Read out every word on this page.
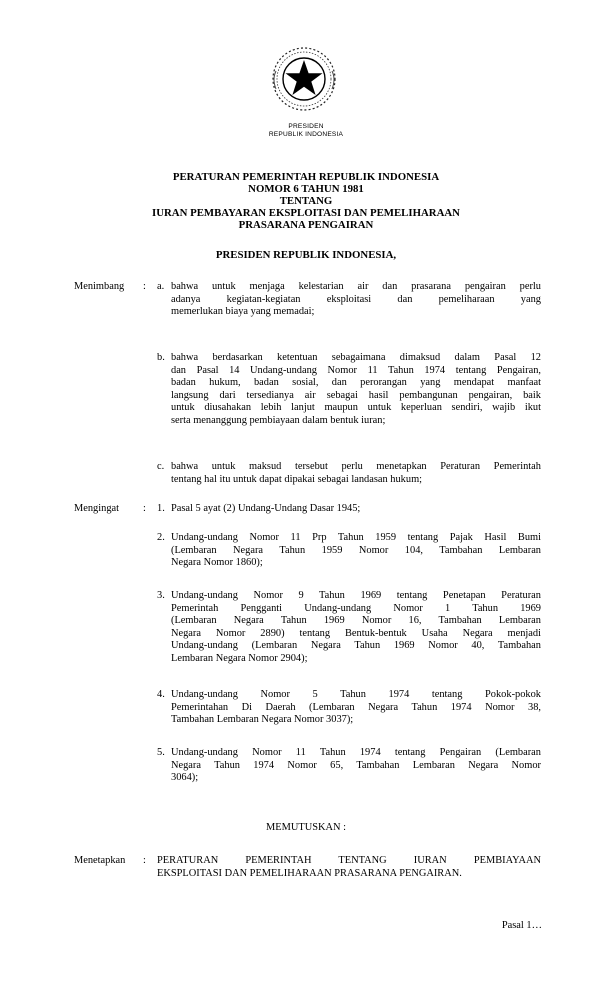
PRESIDEN
REPUBLIK INDONESIA
PERATURAN PEMERINTAH REPUBLIK INDONESIA
NOMOR 6 TAHUN 1981
TENTANG
IURAN PEMBAYARAN EKSPLOITASI DAN PEMELIHARAAN
PRASARANA PENGAIRAN
PRESIDEN REPUBLIK INDONESIA,
Menimbang	: a. bahwa untuk menjaga kelestarian air dan prasarana pengairan perlu
adanya kegiatan-kegiatan eksploitasi dan pemeliharaan yang
memerlukan biaya yang memadai;
b. bahwa berdasarkan ketentuan sebagaimana dimaksud dalam Pasal 12
dan Pasal 14 Undang-undang Nomor 11 Tahun 1974 tentang Pengairan,
badan hukum, badan sosial, dan perorangan yang mendapat manfaat
langsung dari tersedianya air sebagai hasil pembangunan pengairan, baik
untuk diusahakan lebih lanjut maupun untuk keperluan sendiri, wajib ikut
serta menanggung pembiayaan dalam bentuk iuran;
c. bahwa untuk maksud tersebut perlu menetapkan Peraturan Pemerintah
tentang hal itu untuk dapat dipakai sebagai landasan hukum;
Mengingat	: 1. Pasal 5 ayat (2) Undang-Undang Dasar 1945;
2. Undang-undang Nomor 11 Prp Tahun 1959 tentang Pajak Hasil Bumi
(Lembaran Negara Tahun 1959 Nomor 104, Tambahan Lembaran
Negara Nomor 1860);
3. Undang-undang Nomor 9 Tahun 1969 tentang Penetapan Peraturan
Pemerintah Pengganti Undang-undang Nomor 1 Tahun 1969
(Lembaran Negara Tahun 1969 Nomor 16, Tambahan Lembaran
Negara Nomor 2890) tentang Bentuk-bentuk Usaha Negara menjadi
Undang-undang (Lembaran Negara Tahun 1969 Nomor 40, Tambahan
Lembaran Negara Nomor 2904);
4. Undang-undang Nomor 5 Tahun 1974 tentang Pokok-pokok
Pemerintahan Di Daerah (Lembaran Negara Tahun 1974 Nomor 38,
Tambahan Lembaran Negara Nomor 3037);
5. Undang-undang Nomor 11 Tahun 1974 tentang Pengairan (Lembaran
Negara Tahun 1974 Nomor 65, Tambahan Lembaran Negara Nomor
3064);
MEMUTUSKAN :
Menetapkan	: PERATURAN PEMERINTAH TENTANG IURAN PEMBIAYAAN
EKSPLOITASI DAN PEMELIHARAAN PRASARANA PENGAIRAN.
Pasal 1…
